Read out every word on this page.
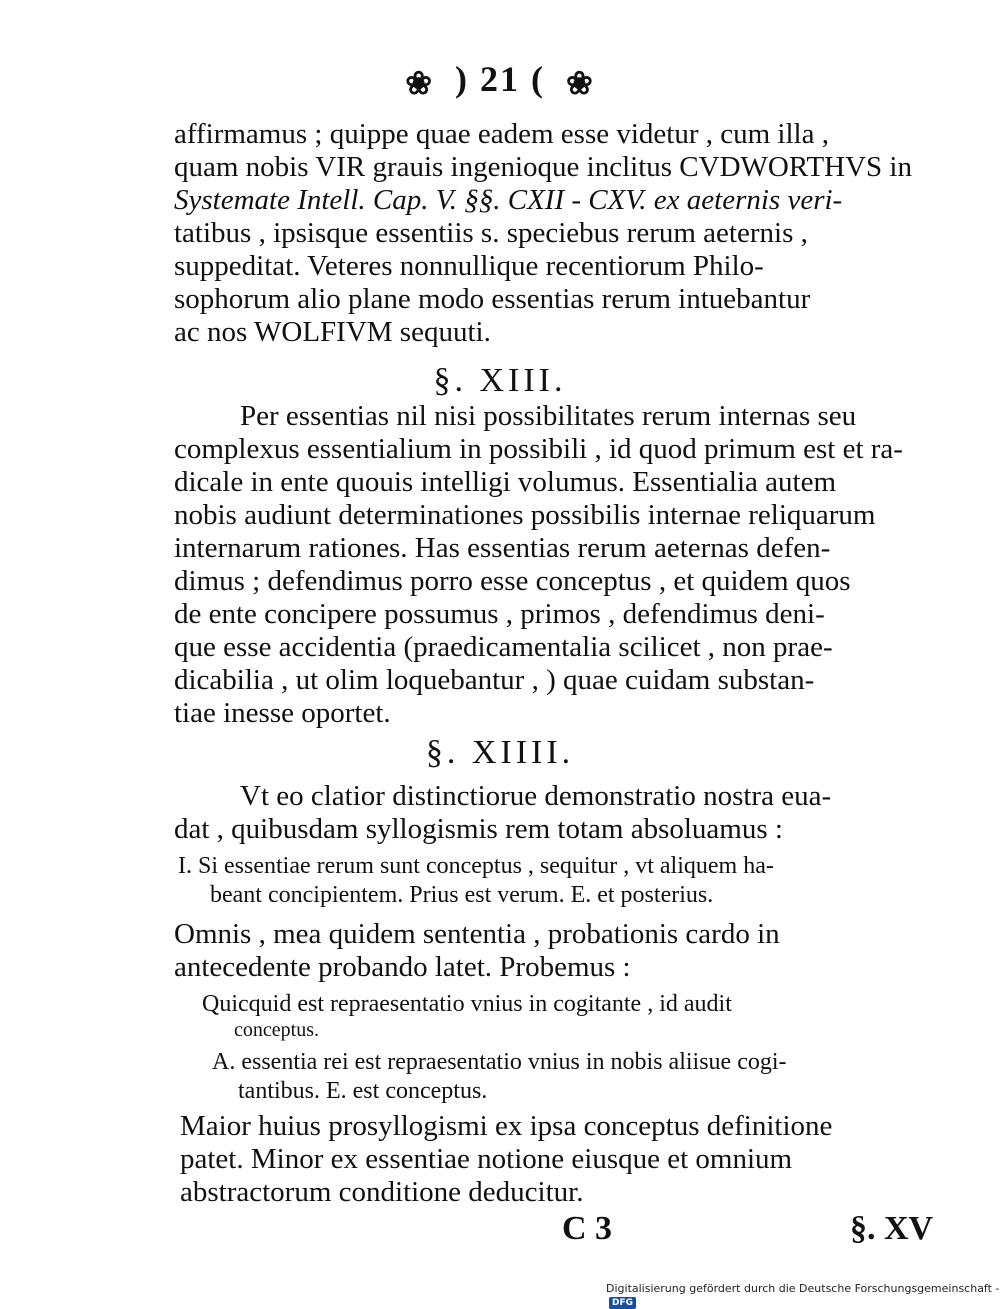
❀ ) 21 ( ❀
affirmamus ; quippe quae eadem esse videtur , cum illa ,
quam nobis VIR grauis ingenioque inclitus CVDWORTHVS in
Systemate Intell. Cap. V. §§. CXII - CXV. ex aeternis veri-
tatibus , ipsisque essentiis s. speciebus rerum aeternis ,
suppeditat. Veteres nonnullique recentiorum Philo-
sophorum alio plane modo essentias rerum intuebantur
ac nos WOLFIVM sequuti.
§. XIII.
Per essentias nil nisi possibilitates rerum internas seu
complexus essentialium in possibili , id quod primum est et ra-
dicale in ente quouis intelligi volumus. Essentialia autem
nobis audiunt determinationes possibilis internae reliquarum
internarum rationes. Has essentias rerum aeternas defen-
dimus ; defendimus porro esse conceptus , et quidem quos
de ente concipere possumus , primos , defendimus deni-
que esse accidentia (praedicamentalia scilicet , non prae-
dicabilia , ut olim loquebantur , ) quae cuidam substan-
tiae inesse oportet.
§. XIIII.
Vt eo clatior distinctiorue demonstratio nostra eua-
dat , quibusdam syllogismis rem totam absoluamus :
I. Si essentiae rerum sunt conceptus , sequitur , vt aliquem ha-
beant concipientem. Prius est verum. E. et posterius.
Omnis , mea quidem sententia , probationis cardo in
antecedente probando latet. Probemus :
Quicquid est repraesentatio vnius in cogitante , id audit
conceptus.
A. essentia rei est repraesentatio vnius in nobis aliisue cogi-
tantibus. E. est conceptus.
Maior huius prosyllogismi ex ipsa conceptus definitione
patet. Minor ex essentiae notione eiusque et omnium
abstractorum conditione deducitur.
C 3	§. XV
Digitalisierung gefördert durch die Deutsche Forschungsgemeinschaft - DFG
